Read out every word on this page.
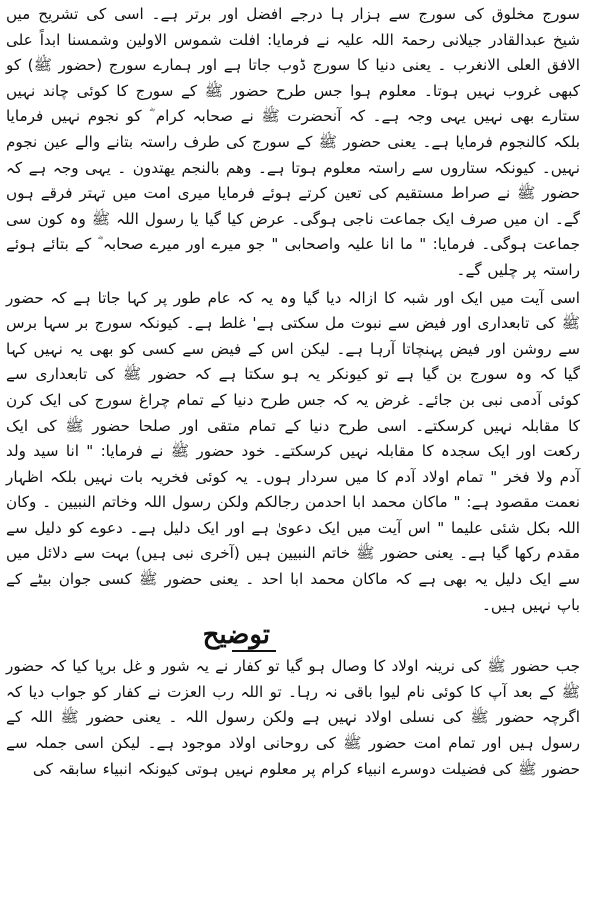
سورج مخلوق کی سورج سے ہزار ہا درجے افضل اور برتر ہے۔ اسی کی تشریح میں شیخ عبدالقادر جیلانی رحمۃ اللہ علیہ نے فرمایا: افلت شموس الاولین وشمسنا ابداً علی الافق العلی الانغرب ۔ یعنی دنیا کا سورج ڈوب جاتا ہے اور ہمارے سورج (حضور ﷺ) کو کبھی غروب نہیں ہوتا۔ معلوم ہوا جس طرح حضور ﷺ کے سورج کا کوئی چاند نہیں ستارے بھی نہیں یہی وجہ ہے۔ کہ آنحضرت ﷺ نے صحابہ کرام ؓ کو نجوم نہیں فرمایا بلکہ کالنجوم فرمایا ہے۔ یعنی حضور ﷺ کے سورج کی طرف راستہ بتانے والے عین نجوم نہیں۔ کیونکہ ستاروں سے راستہ معلوم ہوتا ہے۔ وھم بالنجم یھتدون ۔ یہی وجہ ہے کہ حضور ﷺ نے صراط مستقیم کی تعین کرتے ہوئے فرمایا میری امت میں تہتر فرقے ہوں گے۔ ان میں صرف ایک جماعت ناجی ہوگی۔ عرض کیا گیا یا رسول اللہ ﷺ وہ کون سی جماعت ہوگی۔ فرمایا: " ما انا علیہ واصحابی " جو میرے اور میرے صحابہ ؓ کے بتائے ہوئے راستہ پر چلیں گے۔

اسی آیت میں ایک اور شبہ کا ازالہ دیا گیا وہ یہ کہ عام طور پر کہا جاتا ہے کہ حضور ﷺ کی تابعداری اور فیض سے نبوت مل سکتی ہے' غلط ہے۔ کیونکہ سورج بر سہا برس سے روشن اور فیض پہنچاتا آرہا ہے۔ لیکن اس کے فیض سے کسی کو بھی یہ نہیں کہا گیا کہ وہ سورج بن گیا ہے تو کیونکر یہ ہو سکتا ہے کہ حضور ﷺ کی تابعداری سے کوئی آدمی نبی بن جائے۔ غرض یہ کہ جس طرح دنیا کے تمام چراغ سورج کی ایک کرن کا مقابلہ نہیں کرسکتے۔ اسی طرح دنیا کے تمام متقی اور صلحا حضور ﷺ کی ایک رکعت اور ایک سجدہ کا مقابلہ نہیں کرسکتے۔ خود حضور ﷺ نے فرمایا: " انا سید ولد آدم ولا فخر " تمام اولاد آدم کا میں سردار ہوں۔ یہ کوئی فخریہ بات نہیں بلکہ اظہار نعمت مقصود ہے: " ماکان محمد ابا احدمن رجالکم ولکن رسول اللہ وخاتم النبیین ۔ وکان اللہ بکل شئی علیما " اس آیت میں ایک دعویٰ ہے اور ایک دلیل ہے۔ دعوے کو دلیل سے مقدم رکھا گیا ہے۔ یعنی حضور ﷺ خاتم النبیین ہیں (آخری نبی ہیں) بہت سے دلائل میں سے ایک دلیل یہ بھی ہے کہ ماکان محمد ابا احد ۔ یعنی حضور ﷺ کسی جوان بیٹے کے باپ نہیں ہیں۔

توضیح

جب حضور ﷺ کی نرینہ اولاد کا وصال ہو گیا تو کفار نے یہ شور و غل برپا کیا کہ حضور ﷺ کے بعد آپ کا کوئی نام لیوا باقی نہ رہا۔ تو اللہ رب العزت نے کفار کو جواب دیا کہ اگرچہ حضور ﷺ کی نسلی اولاد نہیں ہے ولکن رسول اللہ ۔ یعنی حضور ﷺ اللہ کے رسول ہیں اور تمام امت حضور ﷺ کی روحانی اولاد موجود ہے۔ لیکن اسی جملہ سے حضور ﷺ کی فضیلت دوسرے انبیاء کرام پر معلوم نہیں ہوتی کیونکہ انبیاء سابقہ کی
